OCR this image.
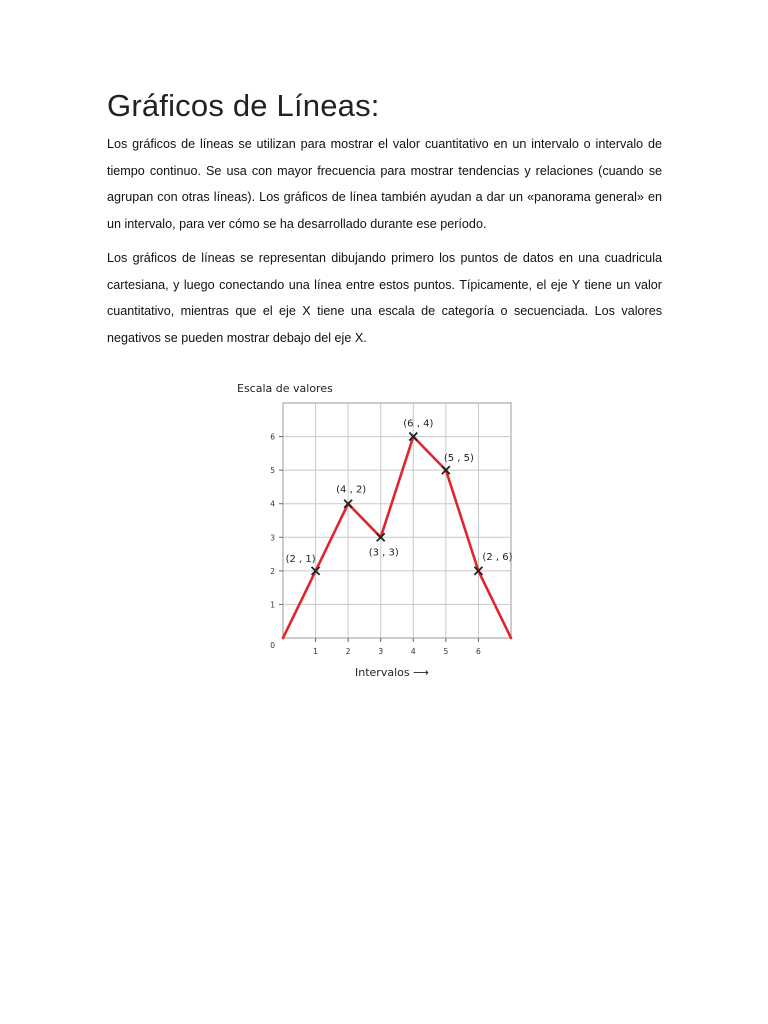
Gráficos de Líneas:

Los gráficos de líneas se utilizan para mostrar el valor cuantitativo en un intervalo o intervalo de tiempo continuo. Se usa con mayor frecuencia para mostrar tendencias y relaciones (cuando se agrupan con otras líneas). Los gráficos de línea también ayudan a dar un «panorama general» en un intervalo, para ver cómo se ha desarrollado durante ese período.

Los gráficos de líneas se representan dibujando primero los puntos de datos en una cuadricula cartesiana, y luego conectando una línea entre estos puntos. Típicamente, el eje Y tiene un valor cuantitativo, mientras que el eje X tiene una escala de categoría o secuenciada. Los valores negativos se pueden mostrar debajo del eje X.

1
2
3
4
5
6
1	2	3	4	5	6
0
Escala de valores
Intervalos ⟶
(2 , 1)
(4 , 2)
(3 , 3)
(6 , 4)
(5 , 5)
(2 , 6)
